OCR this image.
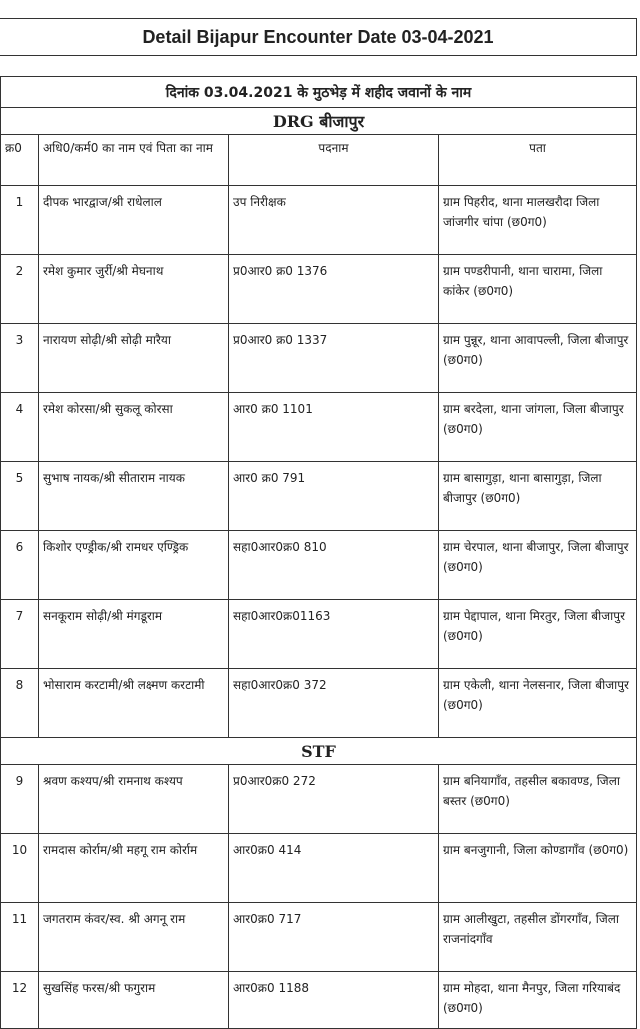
Detail Bijapur Encounter Date 03-04-2021
दिनांक 03.04.2021 के मुठभेड़ में शहीद जवानों के नाम			
DRG बीजापुर			
क्र0	अधि0/कर्म0 का नाम एवं पिता का नाम	पदनाम	पता
1	दीपक भारद्वाज/श्री राधेलाल	उप निरीक्षक	ग्राम पिहरीद, थाना मालखरौदा जिला जांजगीर चांपा (छ0ग0)
2	रमेश कुमार जुर्री/श्री मेघनाथ	प्र0आर0 क्र0 1376	ग्राम पण्डरीपानी, थाना चारामा, जिला कांकेर (छ0ग0)
3	नारायण सोढ़ी/श्री सोढ़ी मारैया	प्र0आर0 क्र0 1337	ग्राम पुन्नूर, थाना आवापल्ली, जिला बीजापुर (छ0ग0)
4	रमेश कोरसा/श्री सुकलू कोरसा	आर0 क्र0 1101	ग्राम बरदेला, थाना जांगला, जिला बीजापुर (छ0ग0)
5	सुभाष नायक/श्री सीताराम नायक	आर0 क्र0 791	ग्राम बासागुड़ा, थाना बासागुड़ा, जिला बीजापुर (छ0ग0)
6	किशोर एण्ड्रीक/श्री रामधर एण्ड्रिक	सहा0आर0क्र0 810	ग्राम चेरपाल, थाना बीजापुर, जिला बीजापुर (छ0ग0)
7	सनकूराम सोढ़ी/श्री मंगडूराम	सहा0आर0क्र01163	ग्राम पेद्दापाल, थाना मिरतुर, जिला बीजापुर (छ0ग0)
8	भोसाराम करटामी/श्री लक्ष्मण करटामी	सहा0आर0क्र0 372	ग्राम एकेली, थाना नेलसनार, जिला बीजापुर (छ0ग0)
STF			
9	श्रवण कश्यप/श्री रामनाथ कश्यप	प्र0आर0क्र0 272	ग्राम बनियागाँव, तहसील बकावण्ड, जिला बस्तर (छ0ग0)
10	रामदास कोर्राम/श्री महगू राम कोर्राम	आर0क्र0 414	ग्राम बनजुगानी, जिला कोण्डागाँव (छ0ग0)
11	जगतराम कंवर/स्व. श्री अगनू राम	आर0क्र0 717	ग्राम आलीखुटा, तहसील डोंगरगाँव, जिला राजनांदगाँव
12	सुखसिंह फरस/श्री फगुराम	आर0क्र0 1188	ग्राम मोहदा, थाना मैनपुर, जिला गरियाबंद (छ0ग0)
